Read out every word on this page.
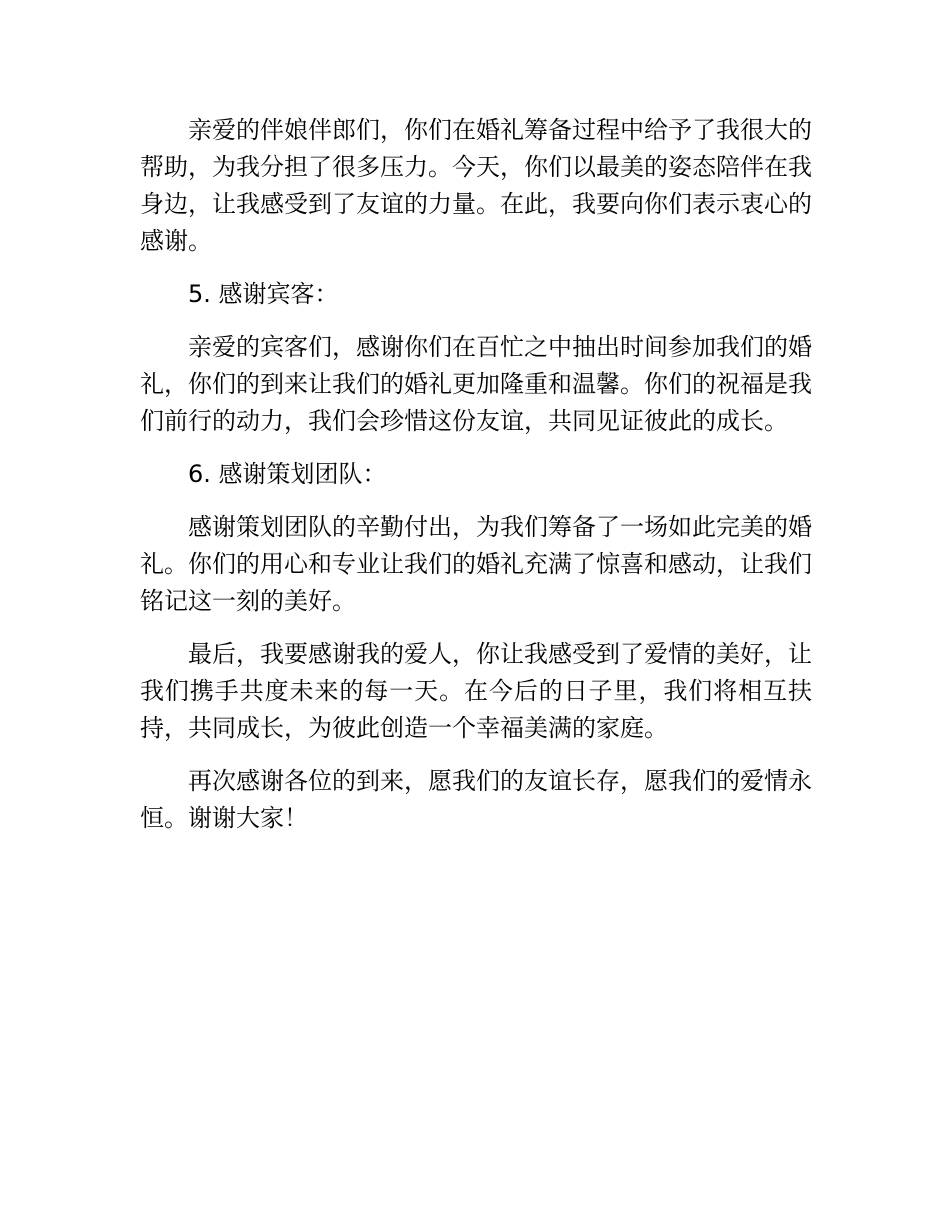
亲爱的伴娘伴郎们，你们在婚礼筹备过程中给予了我很大的帮助，为我分担了很多压力。今天，你们以最美的姿态陪伴在我身边，让我感受到了友谊的力量。在此，我要向你们表示衷心的感谢。

5. 感谢宾客：

亲爱的宾客们，感谢你们在百忙之中抽出时间参加我们的婚礼，你们的到来让我们的婚礼更加隆重和温馨。你们的祝福是我们前行的动力，我们会珍惜这份友谊，共同见证彼此的成长。

6. 感谢策划团队：

感谢策划团队的辛勤付出，为我们筹备了一场如此完美的婚礼。你们的用心和专业让我们的婚礼充满了惊喜和感动，让我们铭记这一刻的美好。

最后，我要感谢我的爱人，你让我感受到了爱情的美好，让我们携手共度未来的每一天。在今后的日子里，我们将相互扶持，共同成长，为彼此创造一个幸福美满的家庭。

再次感谢各位的到来，愿我们的友谊长存，愿我们的爱情永恒。谢谢大家！
